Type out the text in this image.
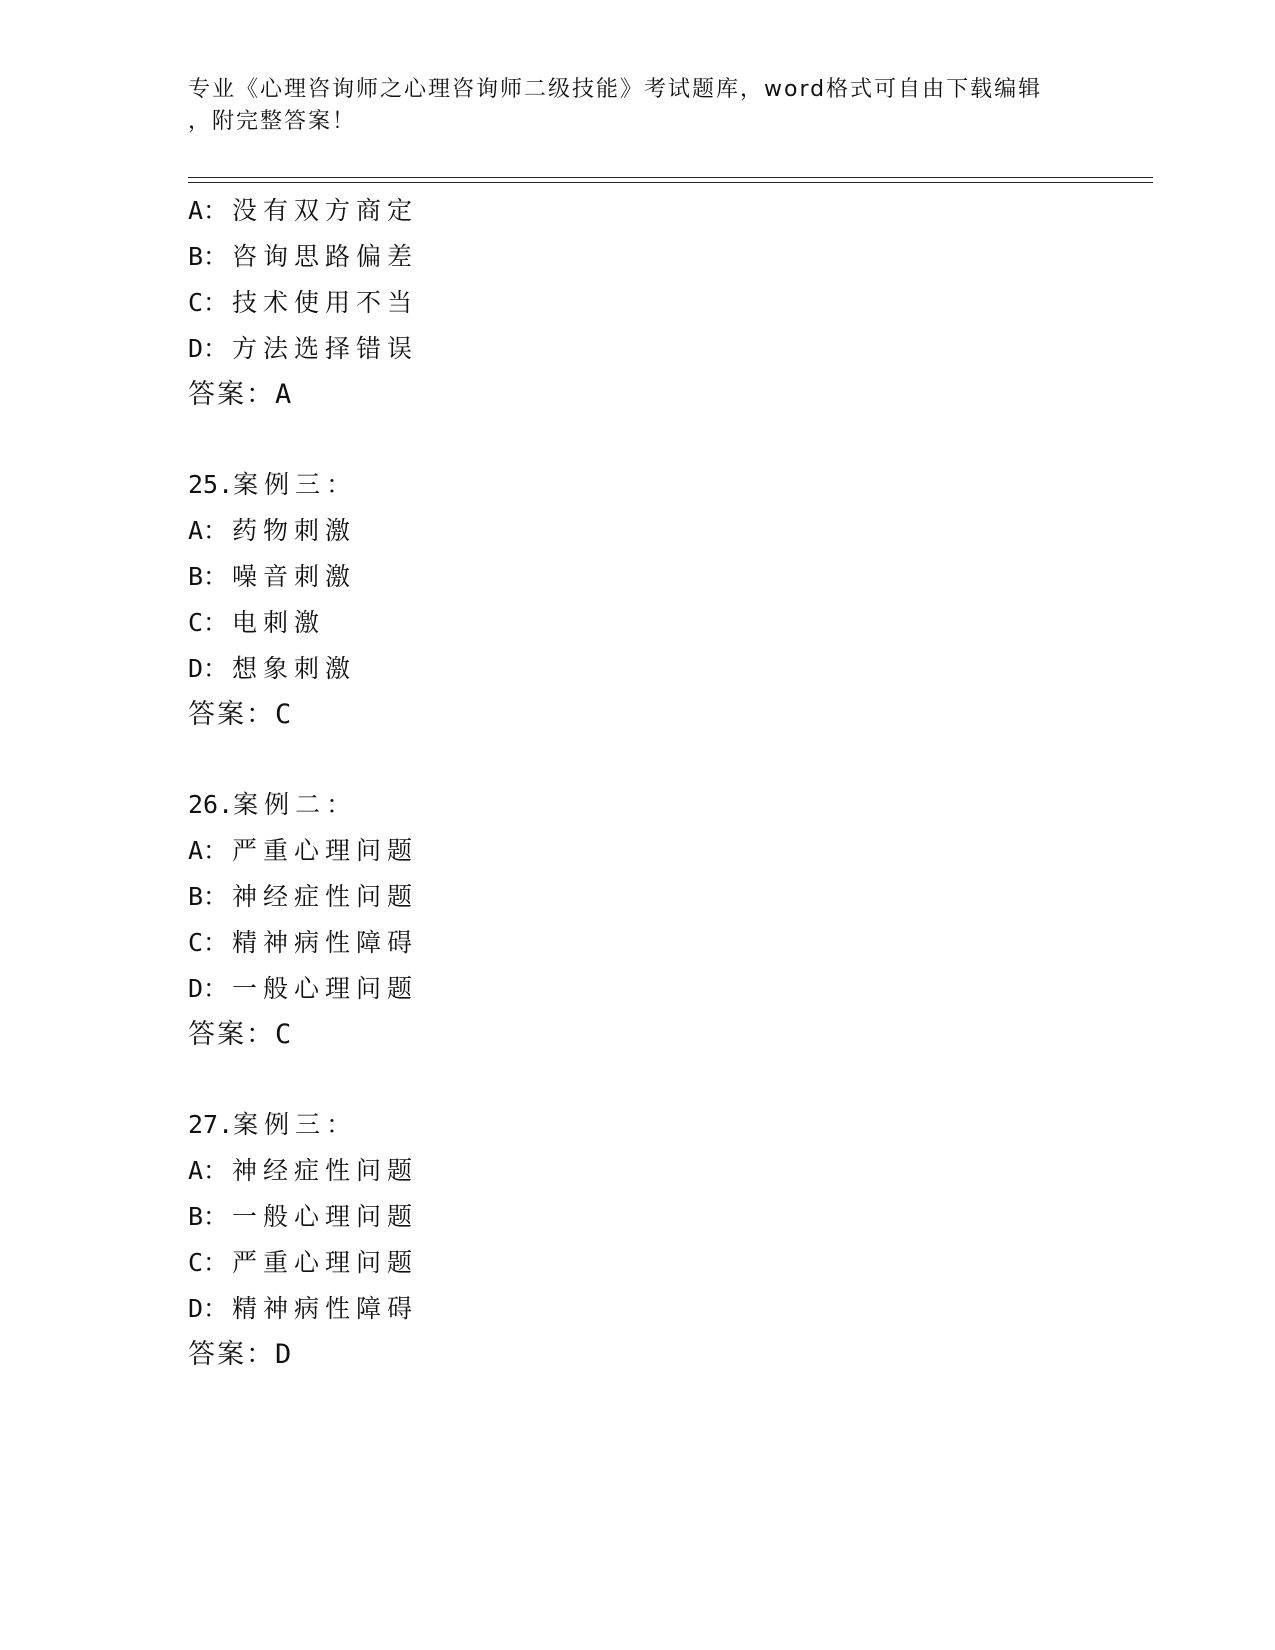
专业《心理咨询师之心理咨询师二级技能》考试题库，word格式可自由下载编辑
，附完整答案！
A： 没有双方商定
B： 咨询思路偏差
C： 技术使用不当
D： 方法选择错误
答案：A
25.案例三：
A： 药物刺激
B： 噪音刺激
C： 电刺激
D： 想象刺激
答案：C
26.案例二：
A： 严重心理问题
B： 神经症性问题
C： 精神病性障碍
D： 一般心理问题
答案：C
27.案例三：
A： 神经症性问题
B： 一般心理问题
C： 严重心理问题
D： 精神病性障碍
答案：D
